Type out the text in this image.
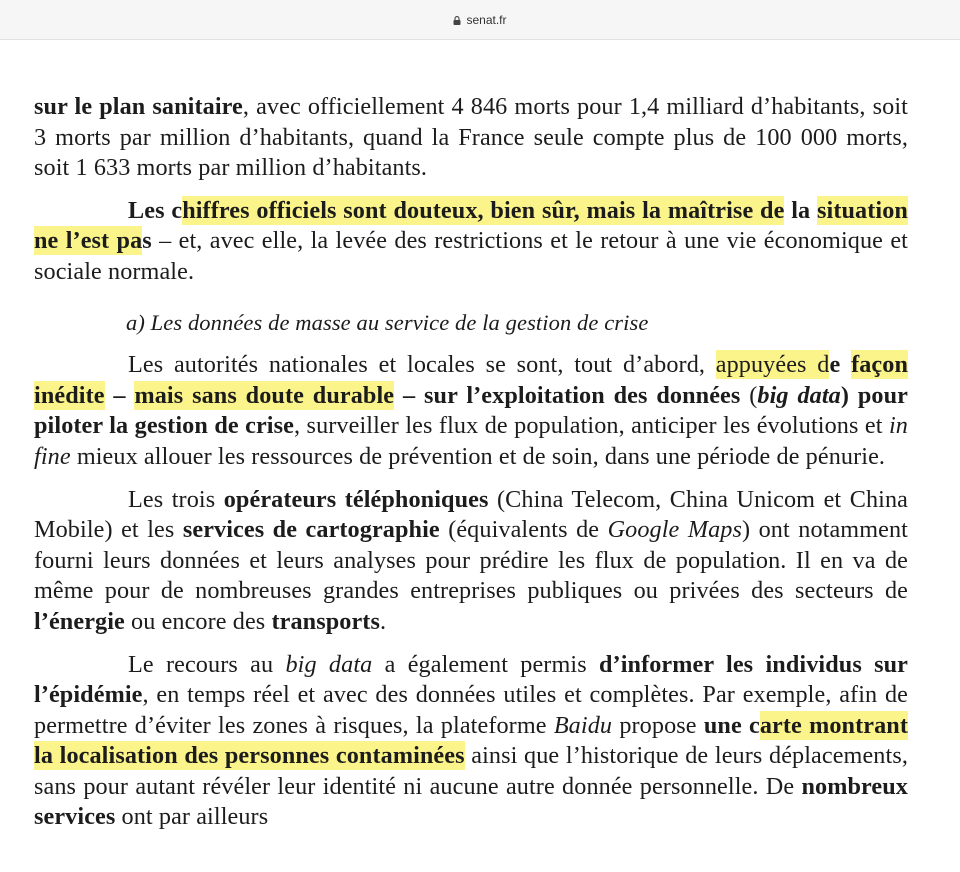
senat.fr

sur le plan sanitaire, avec officiellement 4 846 morts pour 1,4 milliard d’habitants, soit 3 morts par million d’habitants, quand la France seule compte plus de 100 000 morts, soit 1 633 morts par million d’habitants.

Les chiffres officiels sont douteux, bien sûr, mais la maîtrise de la situation ne l’est pas – et, avec elle, la levée des restrictions et le retour à une vie économique et sociale normale.

a) Les données de masse au service de la gestion de crise

Les autorités nationales et locales se sont, tout d’abord, appuyées de façon inédite – mais sans doute durable – sur l’exploitation des données (big data) pour piloter la gestion de crise, surveiller les flux de population, anticiper les évolutions et in fine mieux allouer les ressources de prévention et de soin, dans une période de pénurie.

Les trois opérateurs téléphoniques (China Telecom, China Unicom et China Mobile) et les services de cartographie (équivalents de Google Maps) ont notamment fourni leurs données et leurs analyses pour prédire les flux de population. Il en va de même pour de nombreuses grandes entreprises publiques ou privées des secteurs de l’énergie ou encore des transports.

Le recours au big data a également permis d’informer les individus sur l’épidémie, en temps réel et avec des données utiles et complètes. Par exemple, afin de permettre d’éviter les zones à risques, la plateforme Baidu propose une carte montrant la localisation des personnes contaminées ainsi que l’historique de leurs déplacements, sans pour autant révéler leur identité ni aucune autre donnée personnelle. De nombreux services ont par ailleurs
